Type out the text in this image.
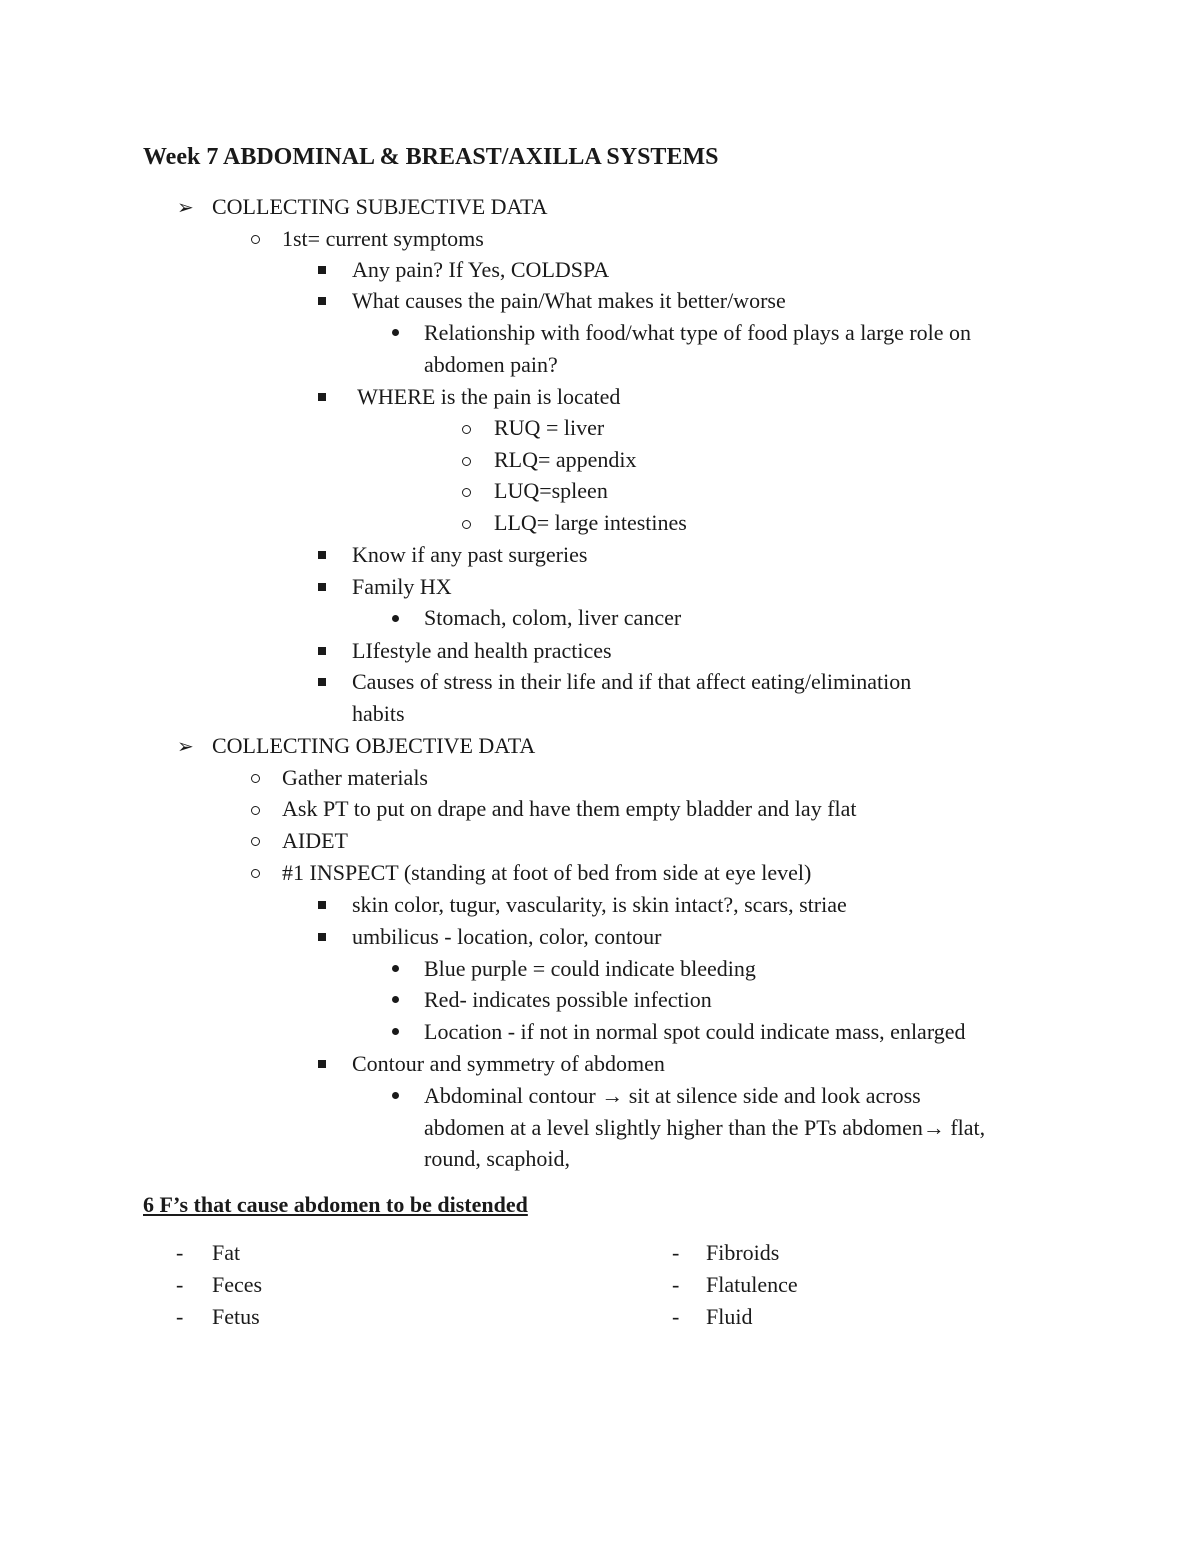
Week 7 ABDOMINAL & BREAST/AXILLA SYSTEMS
➢ COLLECTING SUBJECTIVE DATA
1st= current symptoms
Any pain? If Yes, COLDSPA
What causes the pain/What makes it better/worse
Relationship with food/what type of food plays a large role on
abdomen pain?
WHERE is the pain is located
RUQ = liver
RLQ= appendix
LUQ=spleen
LLQ= large intestines
Know if any past surgeries
Family HX
Stomach, colom, liver cancer
LIfestyle and health practices
Causes of stress in their life and if that affect eating/elimination
habits
➢ COLLECTING OBJECTIVE DATA
Gather materials
Ask PT to put on drape and have them empty bladder and lay flat
AIDET
#1 INSPECT (standing at foot of bed from side at eye level)
skin color, tugur, vascularity, is skin intact?, scars, striae
umbilicus - location, color, contour
Blue purple = could indicate bleeding
Red- indicates possible infection
Location - if not in normal spot could indicate mass, enlarged
Contour and symmetry of abdomen
Abdominal contour → sit at silence side and look across
abdomen at a level slightly higher than the PTs abdomen→ flat,
round, scaphoid,
6 F’s that cause abdomen to be distended
- Fat
- Feces
- Fetus
- Fibroids
- Flatulence
- Fluid
